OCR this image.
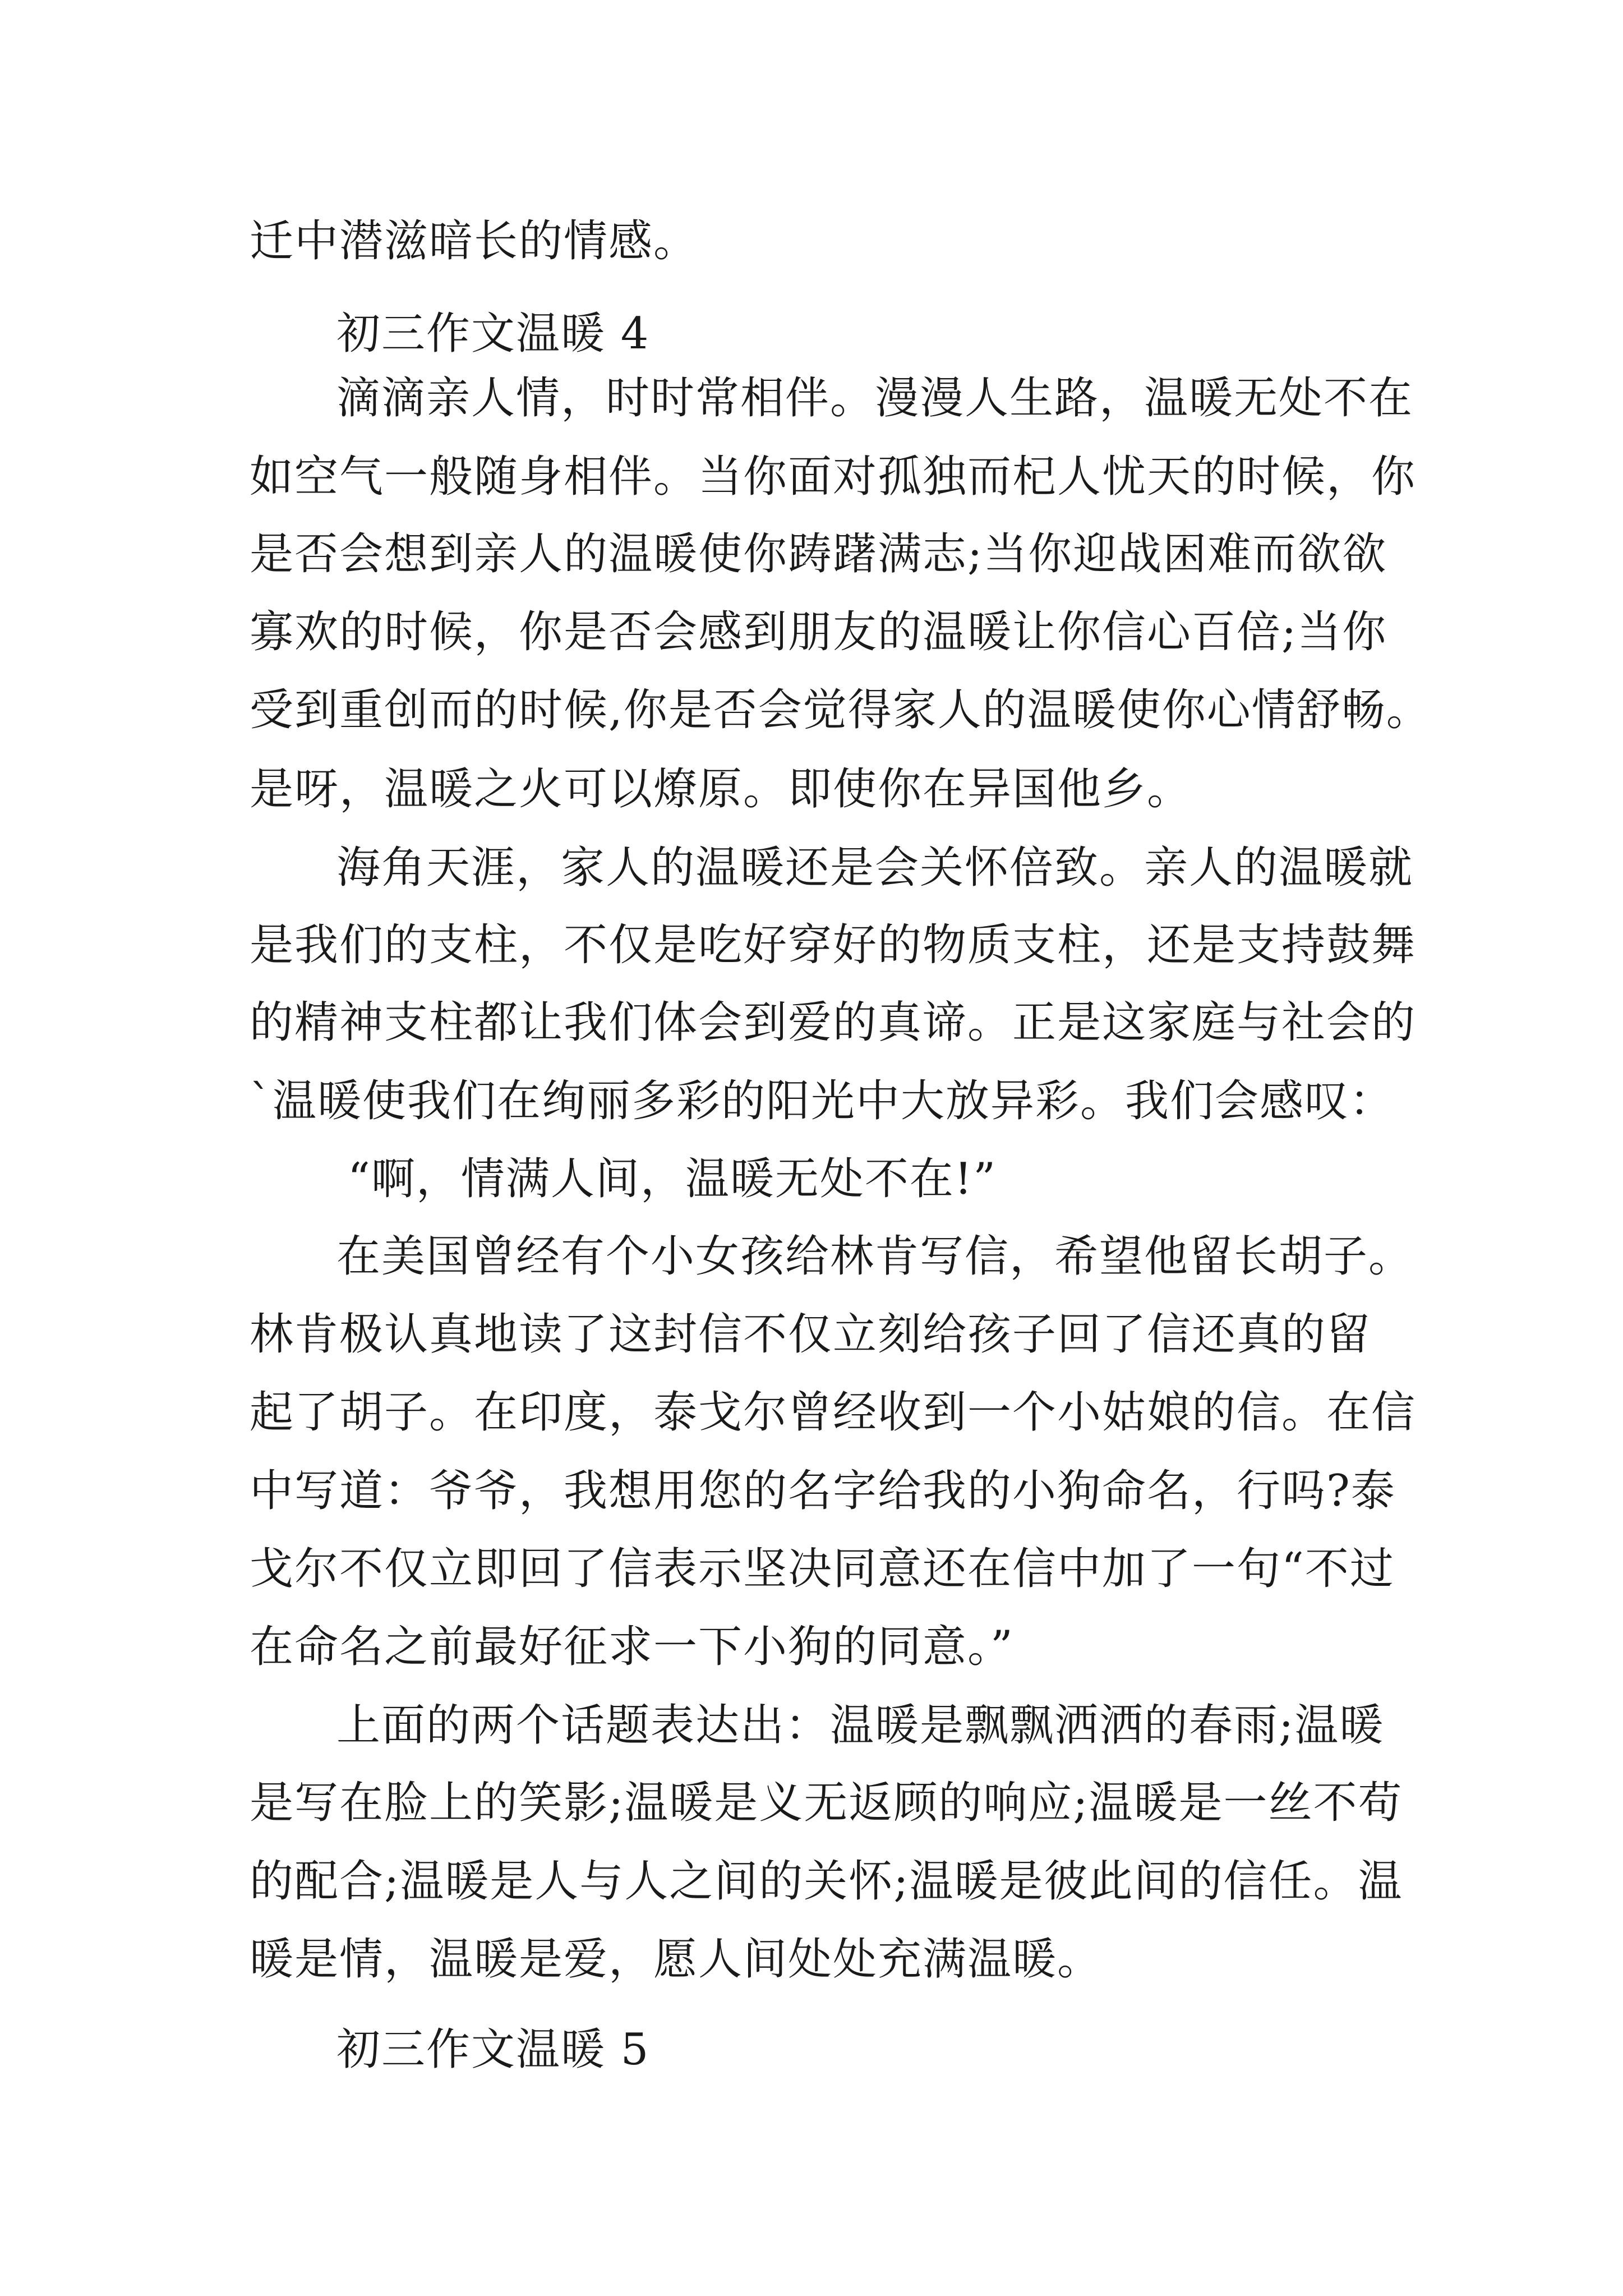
迁中潜滋暗长的情感。
初三作文温暖 4
滴滴亲人情，时时常相伴。漫漫人生路，温暖无处不在
如空气一般随身相伴。当你面对孤独而杞人忧天的时候，你
是否会想到亲人的温暖使你踌躇满志;当你迎战困难而欲欲
寡欢的时候，你是否会感到朋友的温暖让你信心百倍;当你
受到重创而的时候,你是否会觉得家人的温暖使你心情舒畅。
是呀，温暖之火可以燎原。即使你在异国他乡。
海角天涯，家人的温暖还是会关怀倍致。亲人的温暖就
是我们的支柱，不仅是吃好穿好的物质支柱，还是支持鼓舞
的精神支柱都让我们体会到爱的真谛。正是这家庭与社会的
`温暖使我们在绚丽多彩的阳光中大放异彩。我们会感叹：
“啊，情满人间，温暖无处不在!”
在美国曾经有个小女孩给林肯写信，希望他留长胡子。
林肯极认真地读了这封信不仅立刻给孩子回了信还真的留
起了胡子。在印度，泰戈尔曾经收到一个小姑娘的信。在信
中写道：爷爷，我想用您的名字给我的小狗命名，行吗?泰
戈尔不仅立即回了信表示坚决同意还在信中加了一句“不过
在命名之前最好征求一下小狗的同意。”
上面的两个话题表达出：温暖是飘飘洒洒的春雨;温暖
是写在脸上的笑影;温暖是义无返顾的响应;温暖是一丝不苟
的配合;温暖是人与人之间的关怀;温暖是彼此间的信任。温
暖是情，温暖是爱，愿人间处处充满温暖。
初三作文温暖 5
